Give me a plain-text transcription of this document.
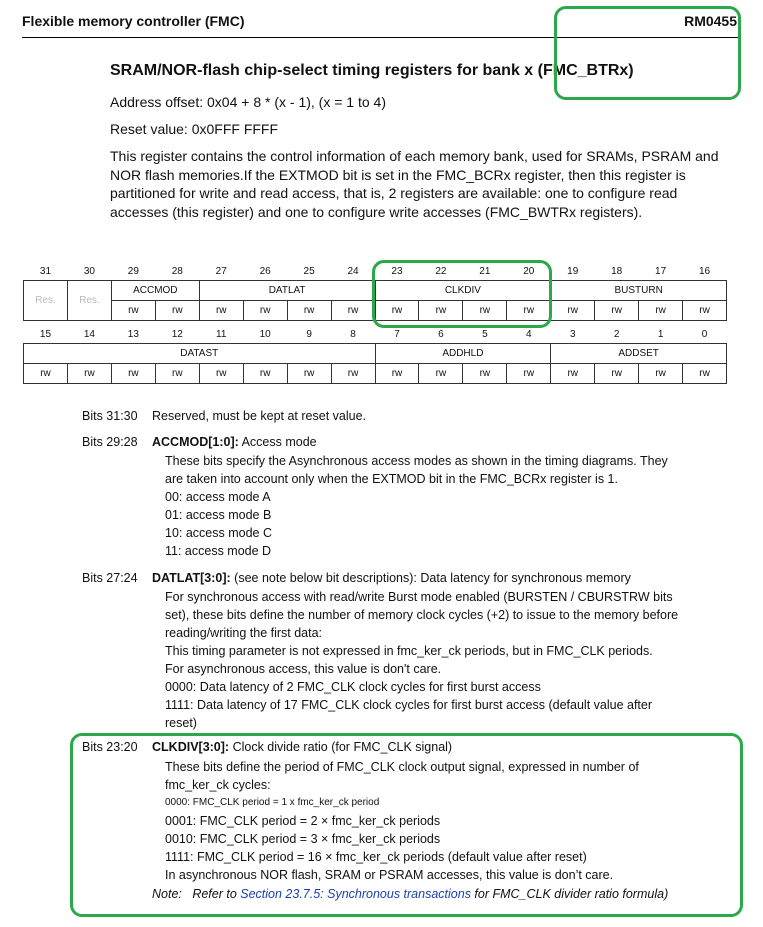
Flexible memory controller (FMC)	RM0455
SRAM/NOR-flash chip-select timing registers for bank x (FMC_BTRx)
Address offset: 0x04 + 8 * (x - 1), (x = 1 to 4)
Reset value: 0x0FFF FFFF
This register contains the control information of each memory bank, used for SRAMs, PSRAM and NOR flash memories.If the EXTMOD bit is set in the FMC_BCRx register, then this register is partitioned for write and read access, that is, 2 registers are available: one to configure read accesses (this register) and one to configure write accesses (FMC_BWTRx registers).
31	30	29	28	27	26	25	24	23	22	21	20	19	18	17	16
Res.	Res.	ACCMOD		DATLAT				CLKDIV				BUSTURN			
		rw	rw	rw	rw	rw	rw	rw	rw	rw	rw	rw	rw	rw	rw
15	14	13	12	11	10	9	8	7	6	5	4	3	2	1	0
DATAST								ADDHLD				ADDSET			
rw	rw	rw	rw	rw	rw	rw	rw	rw	rw	rw	rw	rw	rw	rw	rw
Bits 31:30 Reserved, must be kept at reset value.
Bits 29:28 ACCMOD[1:0]: Access mode
These bits specify the Asynchronous access modes as shown in the timing diagrams. They
are taken into account only when the EXTMOD bit in the FMC_BCRx register is 1.
00: access mode A
01: access mode B
10: access mode C
11: access mode D
Bits 27:24 DATLAT[3:0]: (see note below bit descriptions): Data latency for synchronous memory
For synchronous access with read/write Burst mode enabled (BURSTEN / CBURSTRW bits
set), these bits define the number of memory clock cycles (+2) to issue to the memory before
reading/writing the first data:
This timing parameter is not expressed in fmc_ker_ck periods, but in FMC_CLK periods.
For asynchronous access, this value is don't care.
0000: Data latency of 2 FMC_CLK clock cycles for first burst access
1111: Data latency of 17 FMC_CLK clock cycles for first burst access (default value after
reset)
Bits 23:20 CLKDIV[3:0]: Clock divide ratio (for FMC_CLK signal)
These bits define the period of FMC_CLK clock output signal, expressed in number of
fmc_ker_ck cycles:
0000: FMC_CLK period = 1 x fmc_ker_ck period
0001: FMC_CLK period = 2 × fmc_ker_ck periods
0010: FMC_CLK period = 3 × fmc_ker_ck periods
1111: FMC_CLK period = 16 × fmc_ker_ck periods (default value after reset)
In asynchronous NOR flash, SRAM or PSRAM accesses, this value is don’t care.
Note: Refer to Section 23.7.5: Synchronous transactions for FMC_CLK divider ratio formula)
